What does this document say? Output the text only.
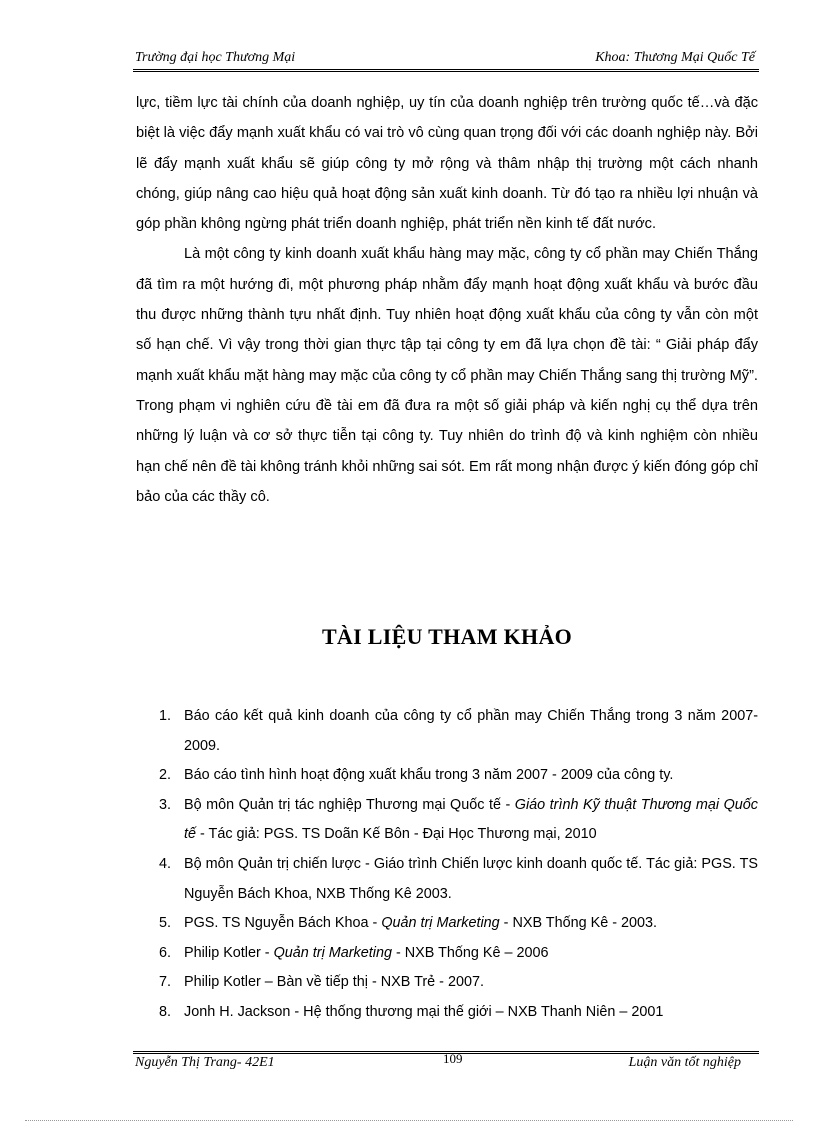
Trường đại học Thương Mại	Khoa: Thương Mại Quốc Tế

lực, tiềm lực tài chính của doanh nghiệp, uy tín của doanh nghiệp trên trường quốc tế…và đặc biệt là việc đẩy mạnh xuất khẩu có vai trò vô cùng quan trọng đối với các doanh nghiệp này. Bởi lẽ đẩy mạnh xuất khẩu sẽ giúp công ty mở rộng và thâm nhập thị trường một cách nhanh chóng, giúp nâng cao hiệu quả hoạt động sản xuất kinh doanh. Từ đó tạo ra nhiều lợi nhuận và góp phần không ngừng phát triển doanh nghiệp, phát triển nền kinh tế đất nước.

Là một công ty kinh doanh xuất khẩu hàng may mặc, công ty cổ phần may Chiến Thắng đã tìm ra một hướng đi, một phương pháp nhằm đẩy mạnh hoạt động xuất khẩu và bước đầu thu được những thành tựu nhất định. Tuy nhiên hoạt động xuất khẩu của công ty vẫn còn một số hạn chế. Vì vậy trong thời gian thực tập tại công ty em đã lựa chọn đề tài: “ Giải pháp đẩy mạnh xuất khẩu mặt hàng may mặc của công ty cổ phần may Chiến Thắng sang thị trường Mỹ”. Trong phạm vi nghiên cứu đề tài em đã đưa ra một số giải pháp và kiến nghị cụ thể dựa trên những lý luận và cơ sở thực tiễn tại công ty. Tuy nhiên do trình độ và kinh nghiệm còn nhiều hạn chế nên đề tài không tránh khỏi những sai sót. Em rất mong nhận được ý kiến đóng góp chỉ bảo của các thầy cô.

TÀI LIỆU THAM KHẢO
1. Báo cáo kết quả kinh doanh của công ty cổ phần may Chiến Thắng trong 3 năm 2007-2009.
2. Báo cáo tình hình hoạt động xuất khẩu trong 3 năm 2007 - 2009 của công ty.
3. Bộ môn Quản trị tác nghiệp Thương mại Quốc tế - Giáo trình Kỹ thuật Thương mại Quốc tế - Tác giả: PGS. TS Doãn Kế Bôn - Đại Học Thương mại, 2010
4. Bộ môn Quản trị chiến lược - Giáo trình Chiến lược kinh doanh quốc tế. Tác giả: PGS. TS Nguyễn Bách Khoa, NXB Thống Kê 2003.
5. PGS. TS Nguyễn Bách Khoa - Quản trị Marketing - NXB Thống Kê - 2003.
6. Philip Kotler - Quản trị Marketing - NXB Thống Kê – 2006
7. Philip Kotler – Bàn về tiếp thị - NXB Trẻ - 2007.
8. Jonh H. Jackson - Hệ thống thương mại thế giới – NXB Thanh Niên – 2001
Nguyễn Thị Trang- 42E1	109	Luận văn tốt nghiệp
